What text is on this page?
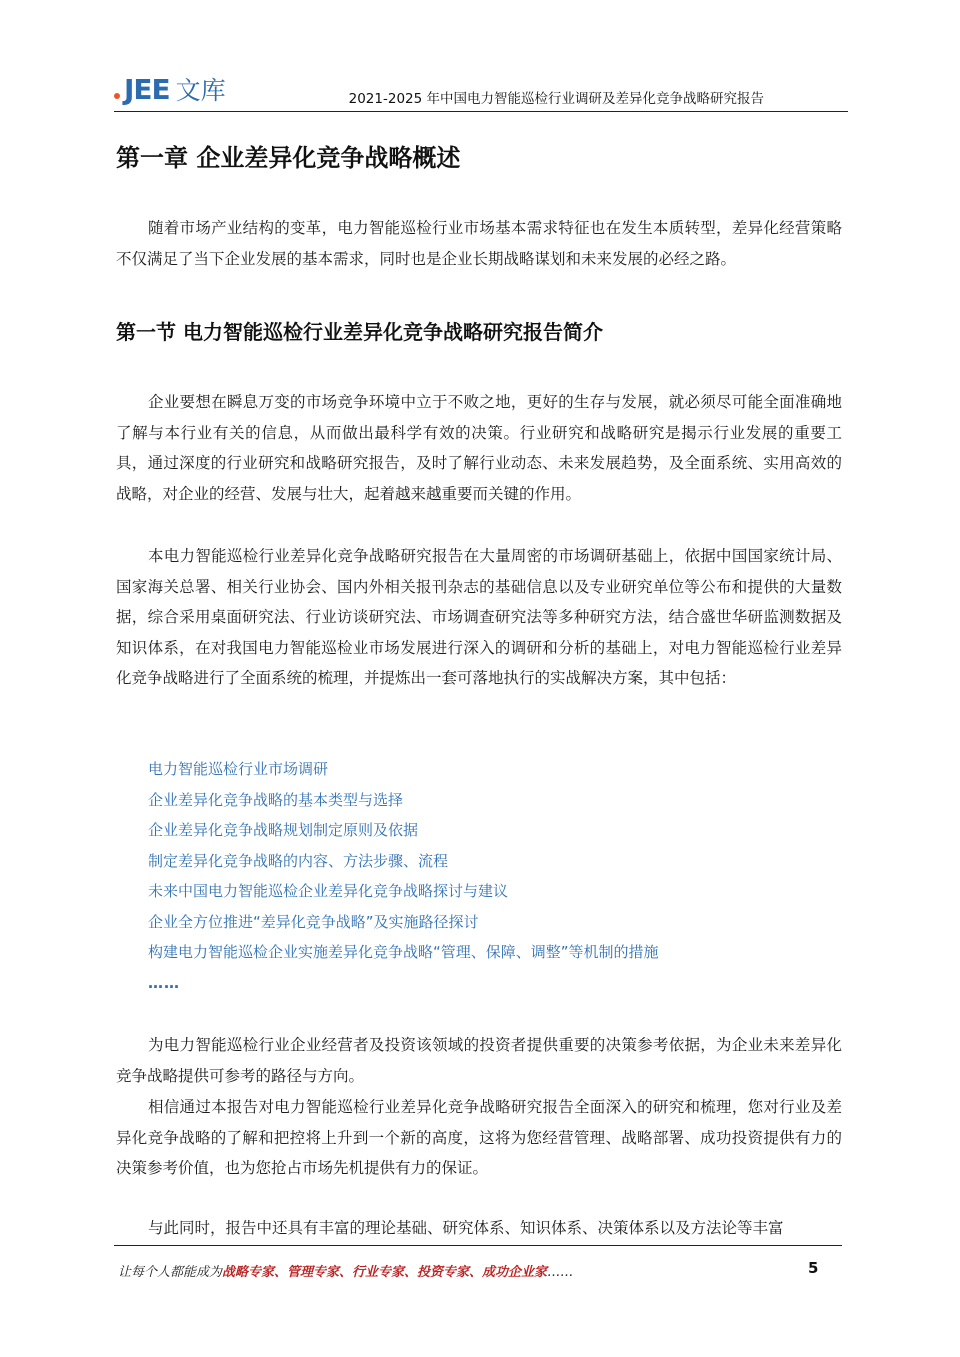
JEE 文库	2021-2025 年中国电力智能巡检行业调研及差异化竞争战略研究报告
第一章 企业差异化竞争战略概述

随着市场产业结构的变革，电力智能巡检行业市场基本需求特征也在发生本质转型，差异化经营策略不仅满足了当下企业发展的基本需求，同时也是企业长期战略谋划和未来发展的必经之路。

第一节 电力智能巡检行业差异化竞争战略研究报告简介

企业要想在瞬息万变的市场竞争环境中立于不败之地，更好的生存与发展，就必须尽可能全面准确地了解与本行业有关的信息，从而做出最科学有效的决策。行业研究和战略研究是揭示行业发展的重要工具，通过深度的行业研究和战略研究报告，及时了解行业动态、未来发展趋势，及全面系统、实用高效的战略，对企业的经营、发展与壮大，起着越来越重要而关键的作用。

本电力智能巡检行业差异化竞争战略研究报告在大量周密的市场调研基础上，依据中国国家统计局、国家海关总署、相关行业协会、国内外相关报刊杂志的基础信息以及专业研究单位等公布和提供的大量数据，综合采用桌面研究法、行业访谈研究法、市场调查研究法等多种研究方法，结合盛世华研监测数据及知识体系，在对我国电力智能巡检业市场发展进行深入的调研和分析的基础上，对电力智能巡检行业差异化竞争战略进行了全面系统的梳理，并提炼出一套可落地执行的实战解决方案，其中包括：

电力智能巡检行业市场调研
企业差异化竞争战略的基本类型与选择
企业差异化竞争战略规划制定原则及依据
制定差异化竞争战略的内容、方法步骤、流程
未来中国电力智能巡检企业差异化竞争战略探讨与建议
企业全方位推进“差异化竞争战略”及实施路径探讨
构建电力智能巡检企业实施差异化竞争战略“管理、保障、调整”等机制的措施
……

为电力智能巡检行业企业经营者及投资该领域的投资者提供重要的决策参考依据，为企业未来差异化竞争战略提供可参考的路径与方向。

相信通过本报告对电力智能巡检行业差异化竞争战略研究报告全面深入的研究和梳理，您对行业及差异化竞争战略的了解和把控将上升到一个新的高度，这将为您经营管理、战略部署、成功投资提供有力的决策参考价值，也为您抢占市场先机提供有力的保证。

与此同时，报告中还具有丰富的理论基础、研究体系、知识体系、决策体系以及方法论等丰富

让每个人都能成为战略专家、管理专家、行业专家、投资专家、成功企业家……	5
